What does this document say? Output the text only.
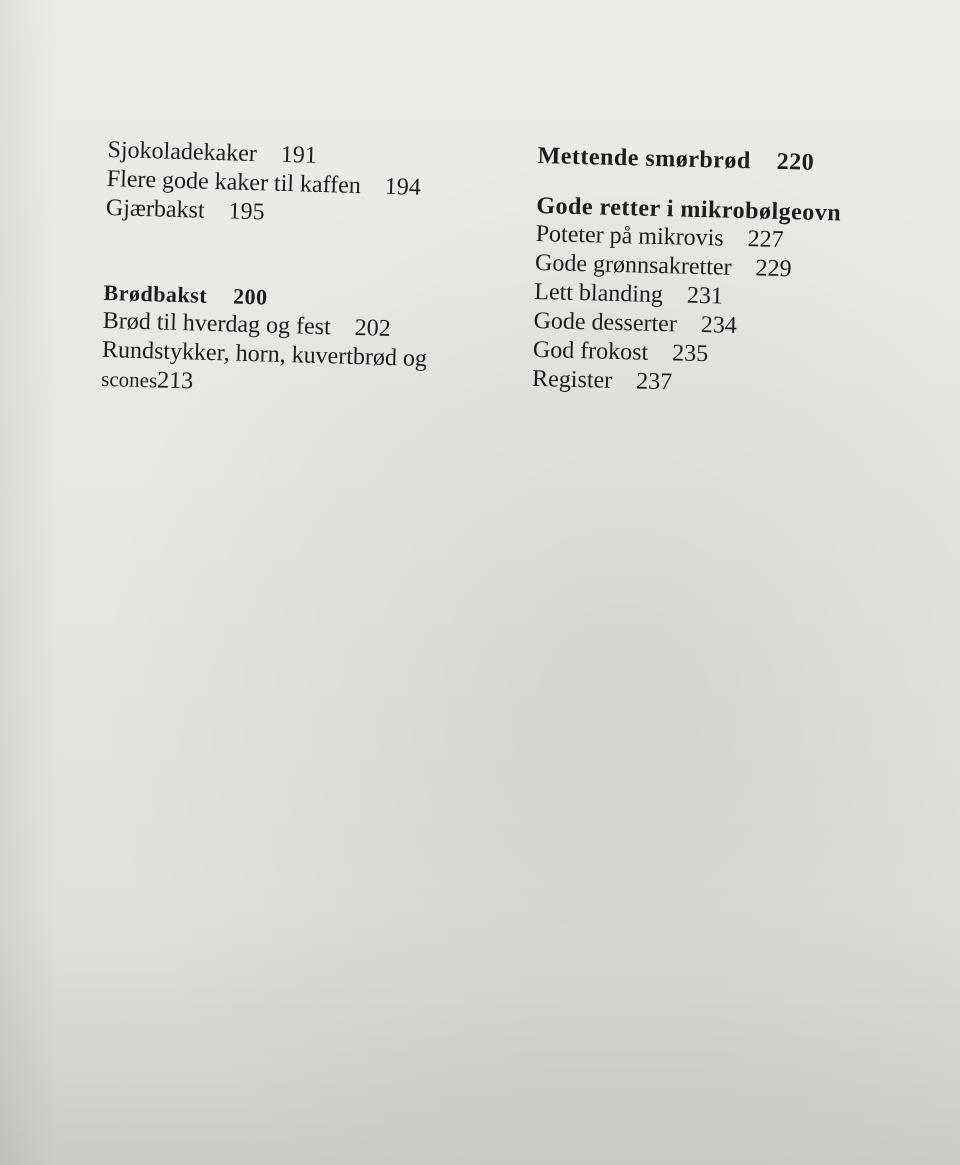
Sjokoladekaker 191
Flere gode kaker til kaffen 194
Gjærbakst 195
Brødbakst 200
Brød til hverdag og fest 202
Rundstykker, horn, kuvertbrød og
scones213
Mettende smørbrød 220
Gode retter i mikrobølgeovn
Poteter på mikrovis 227
Gode grønnsakretter 229
Lett blanding 231
Gode desserter 234
God frokost 235
Register 237
